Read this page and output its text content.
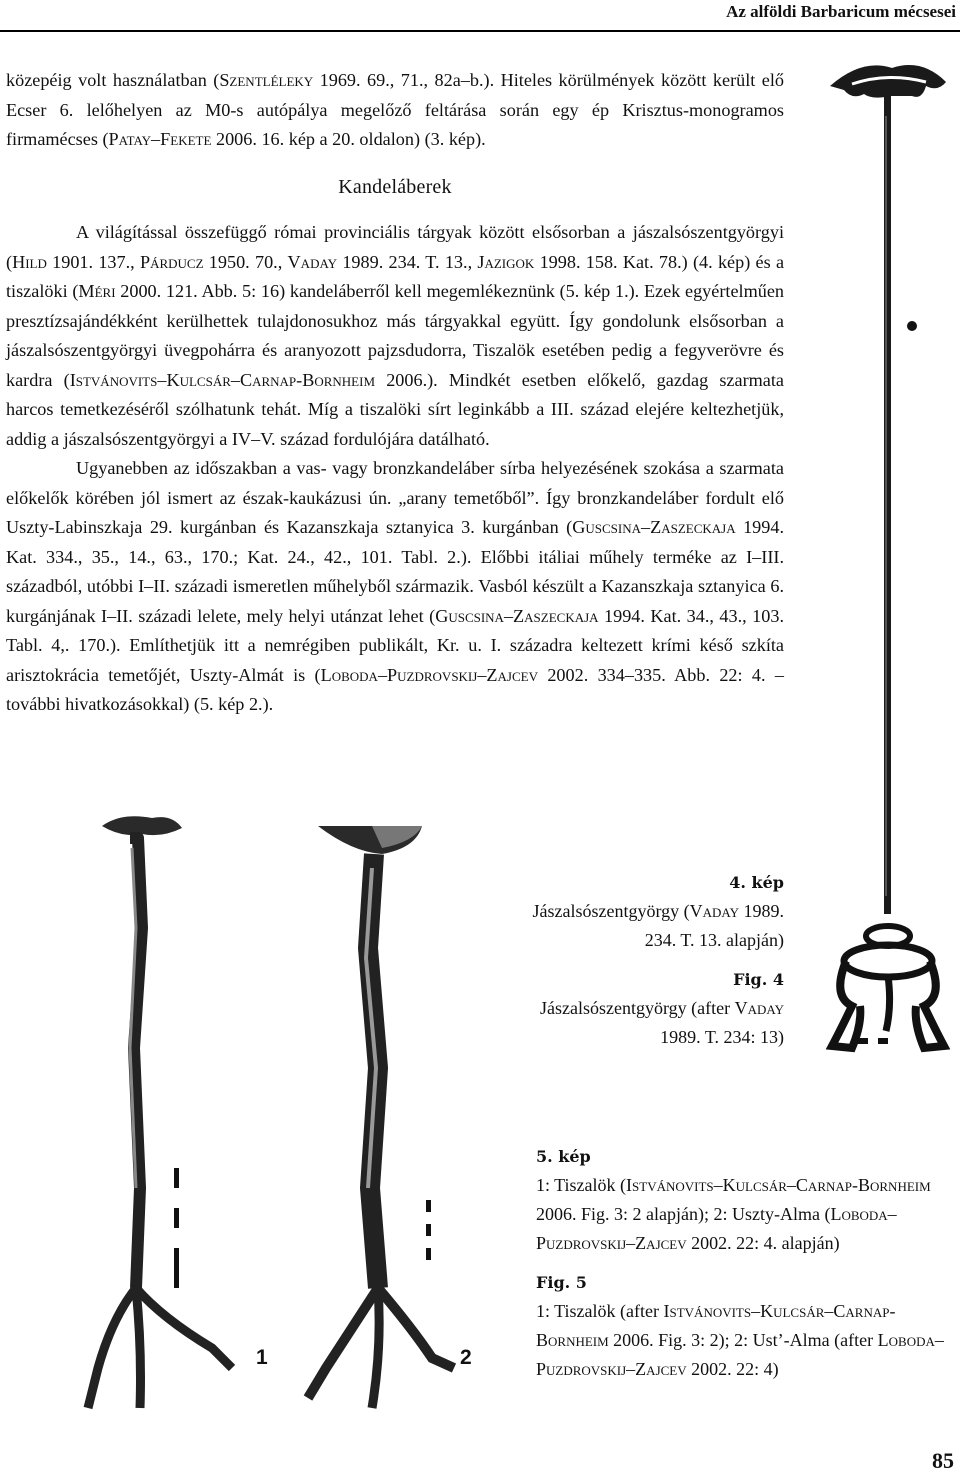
Az alföldi Barbaricum mécsesei

közepéig volt használatban (Szentléleky 1969. 69., 71., 82a–b.). Hiteles körülmények között került elő Ecser 6. lelőhelyen az M0-s autópálya megelőző feltárása során egy ép Krisztus-monogramos firmamécses (Patay–Fekete 2006. 16. kép a 20. oldalon) (3. kép).

Kandeláberek

A világítással összefüggő római provinciális tárgyak között elsősorban a jászalsószentgyörgyi (Hild 1901. 137., Párducz 1950. 70., Vaday 1989. 234. T. 13., Jazigok 1998. 158. Kat. 78.) (4. kép) és a tiszalöki (Méri 2000. 121. Abb. 5: 16) kandeláberről kell megemlékeznünk (5. kép 1.). Ezek egyértelműen presztízsajándékként kerülhettek tulajdonosukhoz más tárgyakkal együtt. Így gondolunk elsősorban a jászalsószentgyörgyi üvegpohárra és aranyozott pajzsdudorra, Tiszalök esetében pedig a fegyverövre és kardra (Istvánovits–Kulcsár–Carnap-Bornheim 2006.). Mindkét esetben előkelő, gazdag szarmata harcos temetkezéséről szólhatunk tehát. Míg a tiszalöki sírt leginkább a III. század elejére keltezhetjük, addig a jászalsószentgyörgyi a IV–V. század fordulójára datálható.

Ugyanebben az időszakban a vas- vagy bronzkandeláber sírba helyezésének szokása a szarmata előkelők körében jól ismert az észak-kaukázusi ún. „arany temetőből”. Így bronzkandeláber fordult elő Uszty-Labinszkaja 29. kurgánban és Kazanszkaja sztanyica 3. kurgánban (Guscsina–Zaszeckaja 1994. Kat. 334., 35., 14., 63., 170.; Kat. 24., 42., 101. Tabl. 2.). Előbbi itáliai műhely terméke az I–III. századból, utóbbi I–II. századi ismeretlen műhelyből származik. Vasból készült a Kazanszkaja sztanyica 6. kurgánjának I–II. századi lelete, mely helyi utánzat lehet (Guscsina–Zaszeckaja 1994. Kat. 34., 43., 103. Tabl. 4,. 170.). Említhetjük itt a nemrégiben publikált, Kr. u. I. századra keltezett krími késő szkíta arisztokrácia temetőjét, Uszty-Almát is (Loboda–Puzdrovskij–Zajcev 2002. 334–335. Abb. 22: 4. – további hivatkozásokkal) (5. kép 2.).

1	2
4. kép
Jászalsószentgyörgy (Vaday 1989. 234. T. 13. alapján)
Fig. 4
Jászalsószentgyörgy (after Vaday 1989. T. 234: 13)
5. kép
1: Tiszalök (Istvánovits–Kulcsár–Carnap-Bornheim 2006. Fig. 3: 2 alapján); 2: Uszty-Alma (Loboda–Puzdrovskij–Zajcev 2002. 22: 4. alapján)
Fig. 5
1: Tiszalök (after Istvánovits–Kulcsár–Carnap-Bornheim 2006. Fig. 3: 2); 2: Ust’-Alma (after Loboda–Puzdrovskij–Zajcev 2002. 22: 4)
85
